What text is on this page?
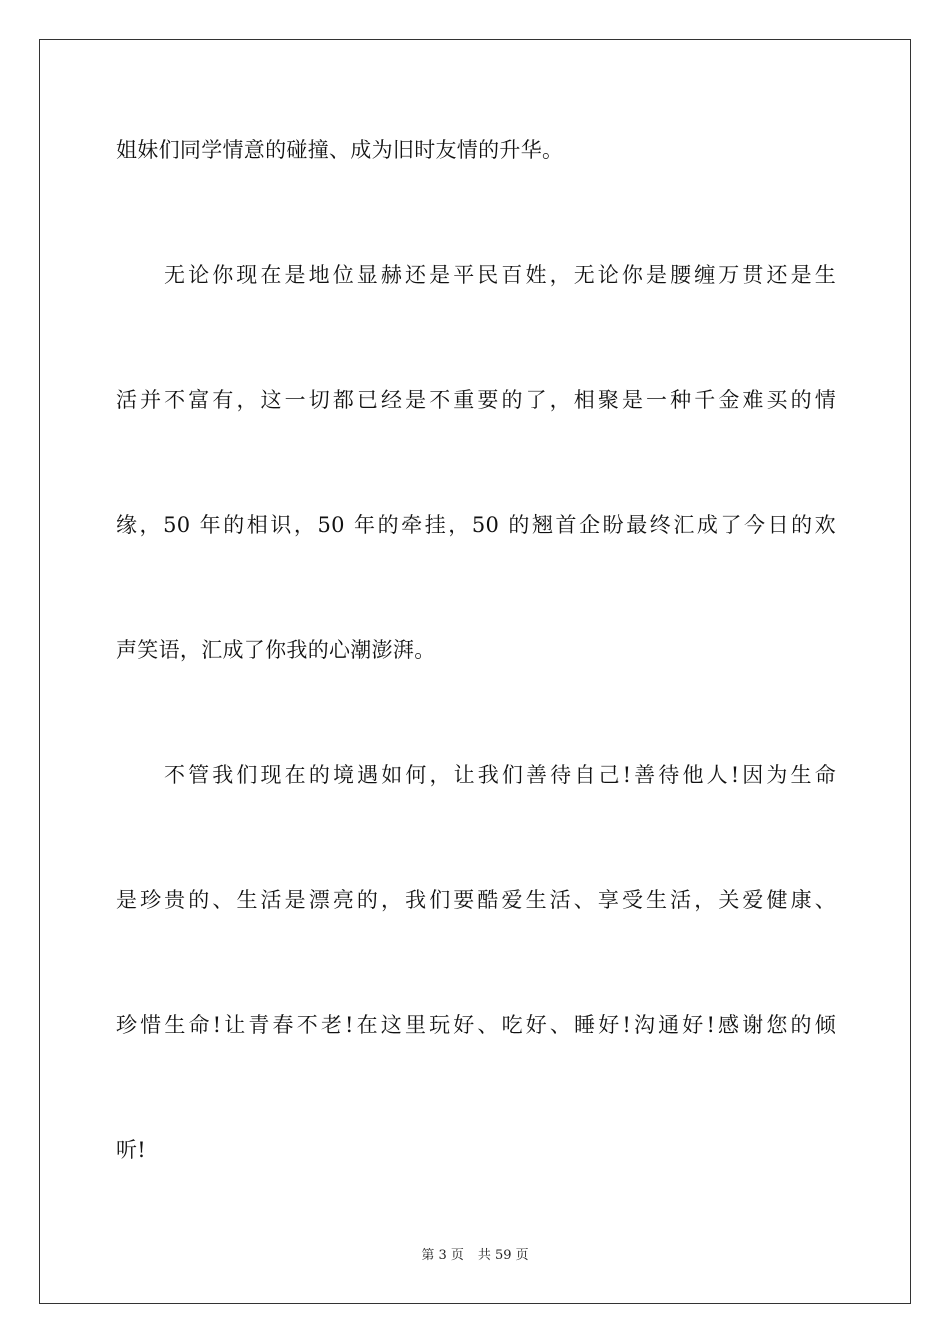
姐妹们同学情意的碰撞、成为旧时友情的升华。
无论你现在是地位显赫还是平民百姓，无论你是腰缠万贯还是生
活并不富有，这一切都已经是不重要的了，相聚是一种千金难买的情
缘，50 年的相识，50 年的牵挂，50 的翘首企盼最终汇成了今日的欢
声笑语，汇成了你我的心潮澎湃。
不管我们现在的境遇如何，让我们善待自己!善待他人!因为生命
是珍贵的、生活是漂亮的，我们要酷爱生活、享受生活，关爱健康、
珍惜生命!让青春不老!在这里玩好、吃好、睡好!沟通好!感谢您的倾
听!
第 3 页 共 59 页
